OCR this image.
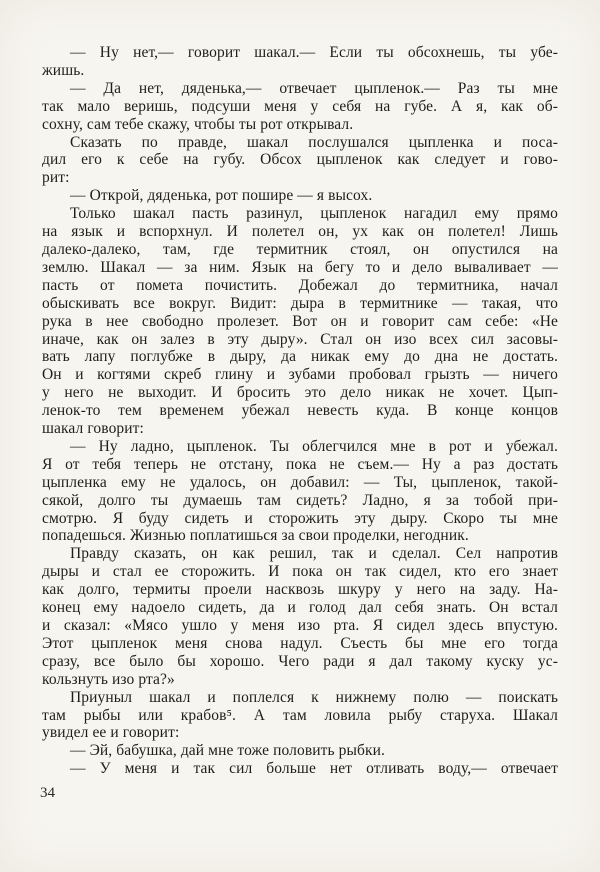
— Ну нет,— говорит шакал.— Если ты обсохнешь, ты убе-
жишь.
— Да нет, дяденька,— отвечает цыпленок.— Раз ты мне
так мало веришь, подсуши меня у себя на губе. А я, как об-
сохну, сам тебе скажу, чтобы ты рот открывал.
Сказать по правде, шакал послушался цыпленка и поса-
дил его к себе на губу. Обсох цыпленок как следует и гово-
рит:
— Открой, дяденька, рот пошире — я высох.
Только шакал пасть разинул, цыпленок нагадил ему прямо
на язык и вспорхнул. И полетел он, ух как он полетел! Лишь
далеко-далеко, там, где термитник стоял, он опустился на
землю. Шакал — за ним. Язык на бегу то и дело вываливает —
пасть от помета почистить. Добежал до термитника, начал
обыскивать все вокруг. Видит: дыра в термитнике — такая, что
рука в нее свободно пролезет. Вот он и говорит сам себе: «Не
иначе, как он залез в эту дыру». Стал он изо всех сил засовы-
вать лапу поглубже в дыру, да никак ему до дна не достать.
Он и когтями скреб глину и зубами пробовал грызть — ничего
у него не выходит. И бросить это дело никак не хочет. Цып-
ленок-то тем временем убежал невесть куда. В конце концов
шакал говорит:
— Ну ладно, цыпленок. Ты облегчился мне в рот и убежал.
Я от тебя теперь не отстану, пока не съем.— Ну а раз достать
цыпленка ему не удалось, он добавил: — Ты, цыпленок, такой-
сякой, долго ты думаешь там сидеть? Ладно, я за тобой при-
смотрю. Я буду сидеть и сторожить эту дыру. Скоро ты мне
попадешься. Жизнью поплатишься за свои проделки, негодник.
Правду сказать, он как решил, так и сделал. Сел напротив
дыры и стал ее сторожить. И пока он так сидел, кто его знает
как долго, термиты проели насквозь шкуру у него на заду. На-
конец ему надоело сидеть, да и голод дал себя знать. Он встал
и сказал: «Мясо ушло у меня изо рта. Я сидел здесь впустую.
Этот цыпленок меня снова надул. Съесть бы мне его тогда
сразу, все было бы хорошо. Чего ради я дал такому куску ус-
кользнуть изо рта?»
Приуныл шакал и поплелся к нижнему полю — поискать
там рыбы или крабов⁵. А там ловила рыбу старуха. Шакал
увидел ее и говорит:
— Эй, бабушка, дай мне тоже половить рыбки.
— У меня и так сил больше нет отливать воду,— отвечает
34
